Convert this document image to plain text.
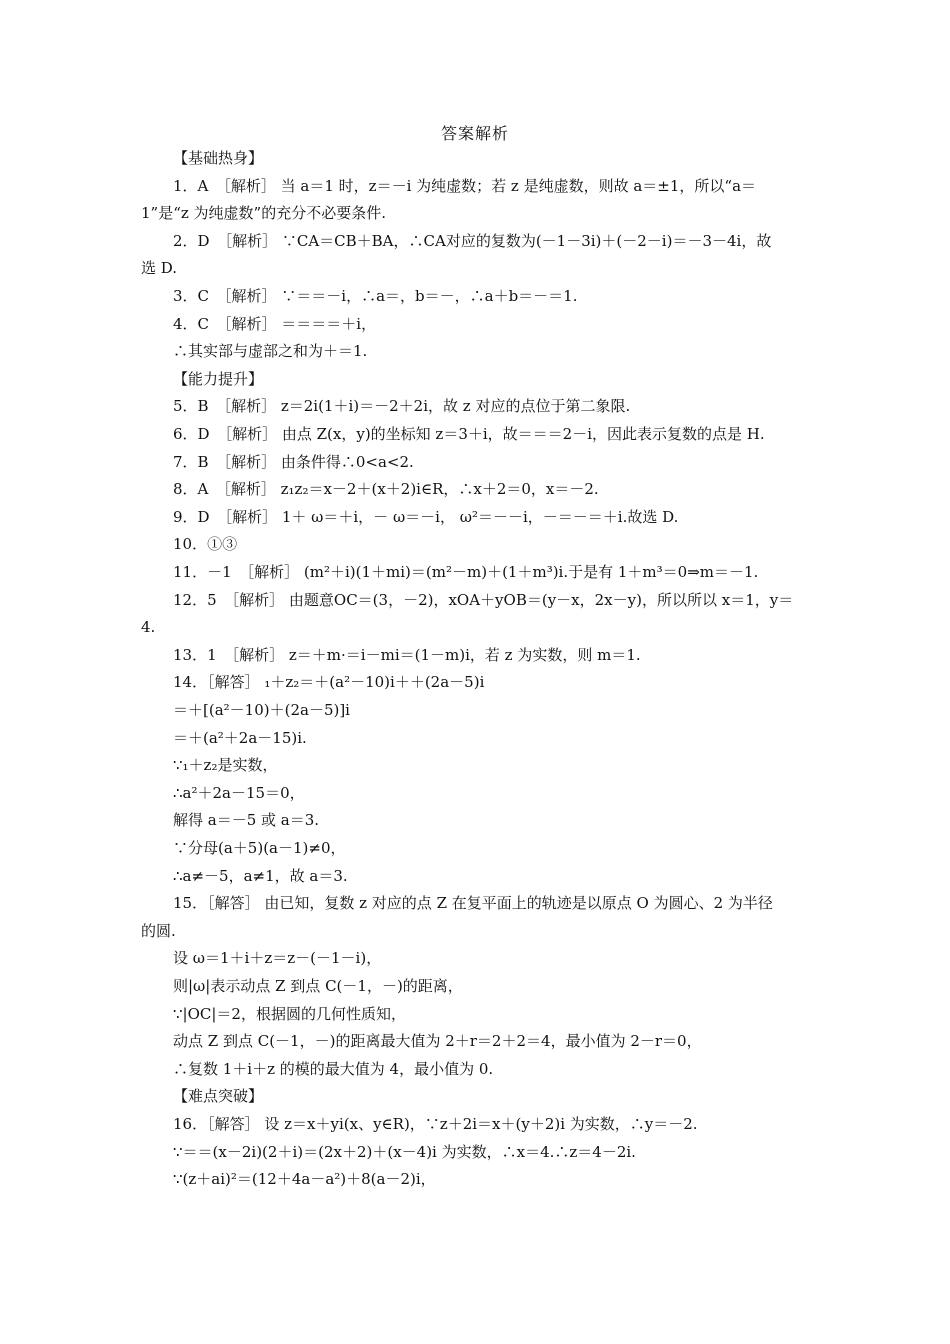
答案解析
【基础热身】
1．A　［解析］ 当 a＝1 时，z＝－i 为纯虚数；若 z 是纯虚数，则故 a＝±1，所以“a＝
1”是“z 为纯虚数”的充分不必要条件.
2．D　［解析］ ∵CA＝CB＋BA，∴CA对应的复数为(－1－3i)＋(－2－i)＝－3－4i，故
选 D.
3．C　［解析］ ∵＝＝－i，∴a＝，b＝－，∴a＋b＝－＝1.
4．C　［解析］ ＝＝＝＝＋i，
∴其实部与虚部之和为＋＝1.
【能力提升】
5．B　［解析］ z＝2i(1＋i)＝－2＋2i，故 z 对应的点位于第二象限.
6．D　［解析］ 由点 Z(x，y)的坐标知 z＝3＋i，故＝＝＝2－i，因此表示复数的点是 H.
7．B　［解析］ 由条件得∴0<a<2.
8．A　［解析］ z₁z₂＝x－2＋(x＋2)i∈R，∴x＋2＝0，x＝－2.
9．D　［解析］ 1＋ ω＝＋i，－ ω＝－i， ω²＝－－i，－＝－＝＋i.故选 D.
10．①③
11．－1　［解析］ (m²＋i)(1＋mi)＝(m²－m)＋(1＋m³)i.于是有 1＋m³＝0⇒m＝－1.
12．5　［解析］ 由题意OC＝(3，－2)，xOA＋yOB＝(y－x，2x－y)，所以所以 x＝1，y＝
4.
13．1　［解析］ z＝＋m·＝i－mi＝(1－m)i，若 z 为实数，则 m＝1.
14．［解答］ ₁＋z₂＝＋(a²－10)i＋＋(2a－5)i
＝＋[(a²－10)＋(2a－5)]i
＝＋(a²＋2a－15)i.
∵₁＋z₂是实数，
∴a²＋2a－15＝0，
解得 a＝－5 或 a＝3.
∵分母(a＋5)(a－1)≠0，
∴a≠－5，a≠1，故 a＝3.
15．［解答］ 由已知，复数 z 对应的点 Z 在复平面上的轨迹是以原点 O 为圆心、2 为半径
的圆.
设 ω＝1＋i＋z＝z－(－1－i)，
则|ω|表示动点 Z 到点 C(－1，－)的距离，
∵|OC|＝2，根据圆的几何性质知，
动点 Z 到点 C(－1，－)的距离最大值为 2＋r＝2＋2＝4，最小值为 2－r＝0，
∴复数 1＋i＋z 的模的最大值为 4，最小值为 0.
【难点突破】
16．［解答］ 设 z＝x＋yi(x、y∈R)，∵z＋2i＝x＋(y＋2)i 为实数，∴y＝－2.
∵＝＝(x－2i)(2＋i)＝(2x＋2)＋(x－4)i 为实数，∴x＝4.∴z＝4－2i.
∵(z＋ai)²＝(12＋4a－a²)＋8(a－2)i，
